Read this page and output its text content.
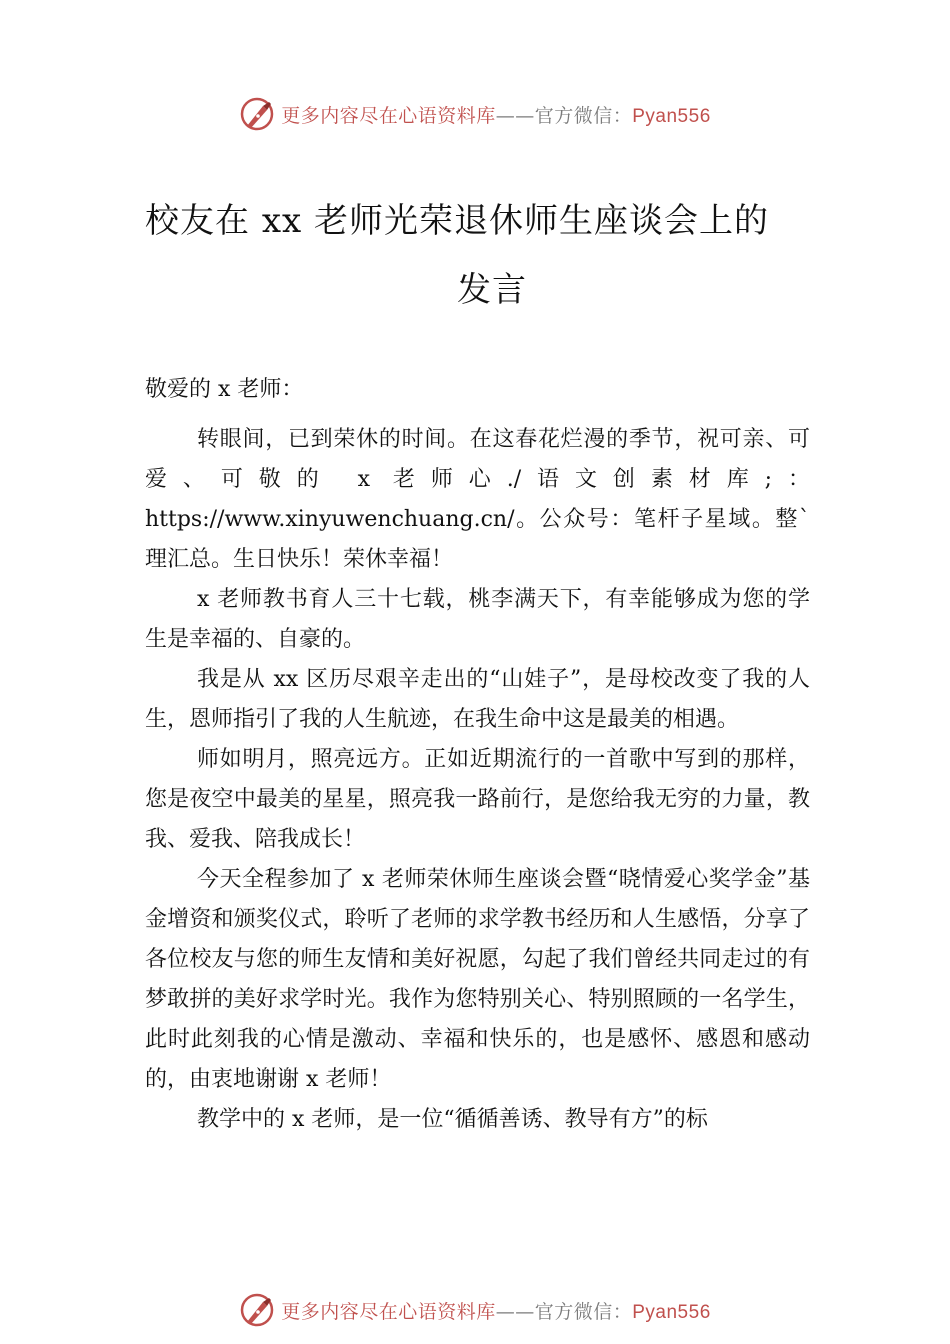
更多内容尽在心语资料库——官方微信：Pyan556
校友在 xx 老师光荣退休师生座谈会上的
发言

敬爱的 x 老师：

转眼间，已到荣休的时间。在这春花烂漫的季节，祝可亲、可爱、可敬的 x 老师心./语文创素材库;：https://www.xinyuwenchuang.cn/。公众号：笔杆子星域。整`理汇总。生日快乐！荣休幸福！

x 老师教书育人三十七载，桃李满天下，有幸能够成为您的学生是幸福的、自豪的。

我是从 xx 区历尽艰辛走出的“山娃子”，是母校改变了我的人生，恩师指引了我的人生航迹，在我生命中这是最美的相遇。

师如明月，照亮远方。正如近期流行的一首歌中写到的那样，您是夜空中最美的星星，照亮我一路前行，是您给我无穷的力量，教我、爱我、陪我成长！

今天全程参加了 x 老师荣休师生座谈会暨“晓情爱心奖学金”基金增资和颁奖仪式，聆听了老师的求学教书经历和人生感悟，分享了各位校友与您的师生友情和美好祝愿，勾起了我们曾经共同走过的有梦敢拼的美好求学时光。我作为您特别关心、特别照顾的一名学生，此时此刻我的心情是激动、幸福和快乐的，也是感怀、感恩和感动的，由衷地谢谢 x 老师！

教学中的 x 老师，是一位“循循善诱、教导有方”的标

更多内容尽在心语资料库——官方微信：Pyan556
